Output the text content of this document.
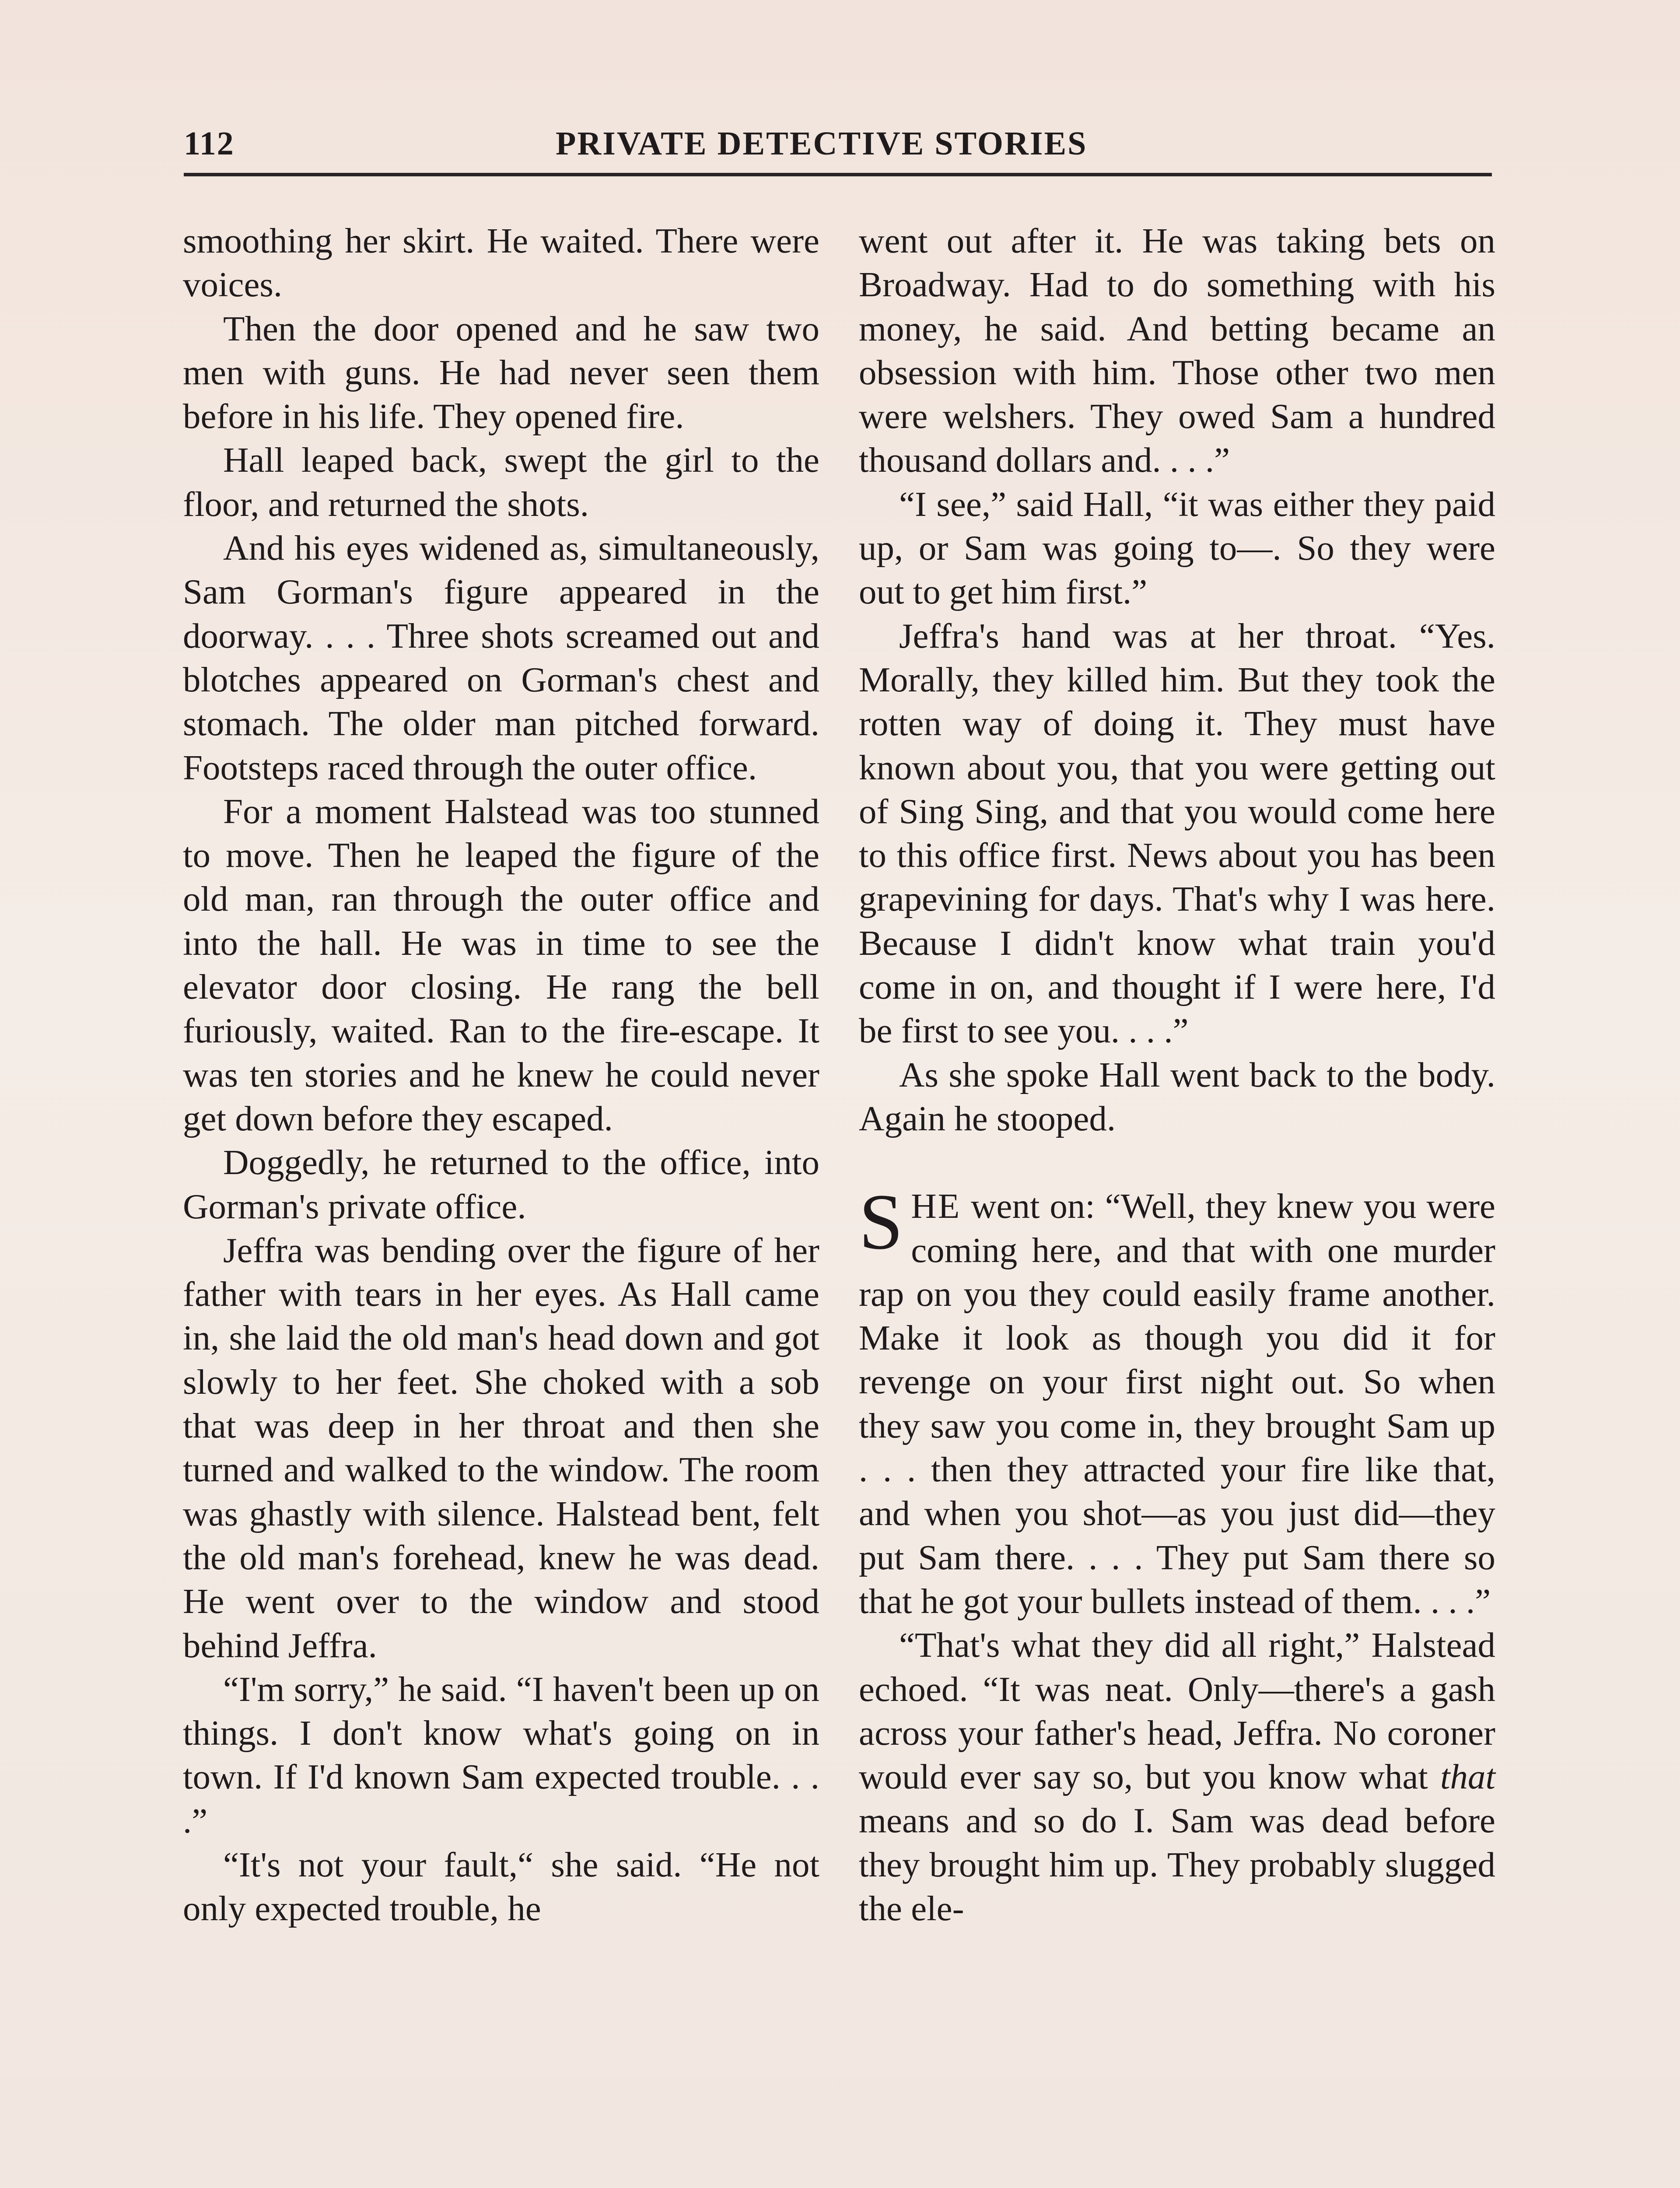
112	PRIVATE DETECTIVE STORIES

smoothing her skirt. He waited. There were voices.

Then the door opened and he saw two men with guns. He had never seen them before in his life. They opened fire.

Hall leaped back, swept the girl to the floor, and returned the shots.

And his eyes widened as, simultaneously, Sam Gorman's figure appeared in the doorway. . . . Three shots screamed out and blotches appeared on Gorman's chest and stomach. The older man pitched forward. Footsteps raced through the outer office.

For a moment Halstead was too stunned to move. Then he leaped the figure of the old man, ran through the outer office and into the hall. He was in time to see the elevator door closing. He rang the bell furiously, waited. Ran to the fire-escape. It was ten stories and he knew he could never get down before they escaped.

Doggedly, he returned to the office, into Gorman's private office.

Jeffra was bending over the figure of her father with tears in her eyes. As Hall came in, she laid the old man's head down and got slowly to her feet. She choked with a sob that was deep in her throat and then she turned and walked to the window. The room was ghastly with silence. Halstead bent, felt the old man's forehead, knew he was dead. He went over to the window and stood behind Jeffra.

“I'm sorry,” he said. “I haven't been up on things. I don't know what's going on in town. If I'd known Sam expected trouble. . . .”

“It's not your fault,“ she said. “He not only expected trouble, he

went out after it. He was taking bets on Broadway. Had to do something with his money, he said. And betting became an obsession with him. Those other two men were welshers. They owed Sam a hundred thousand dollars and. . . .”

“I see,” said Hall, “it was either they paid up, or Sam was going to—. So they were out to get him first.”

Jeffra's hand was at her throat. “Yes. Morally, they killed him. But they took the rotten way of doing it. They must have known about you, that you were getting out of Sing Sing, and that you would come here to this office first. News about you has been grapevining for days. That's why I was here. Because I didn't know what train you'd come in on, and thought if I were here, I'd be first to see you. . . .”

As she spoke Hall went back to the body. Again he stooped.

SHE went on: “Well, they knew you were coming here, and that with one murder rap on you they could easily frame another. Make it look as though you did it for revenge on your first night out. So when they saw you come in, they brought Sam up . . . then they attracted your fire like that, and when you shot—as you just did—they put Sam there. . . . They put Sam there so that he got your bullets instead of them. . . .”

“That's what they did all right,” Halstead echoed. “It was neat. Only—there's a gash across your father's head, Jeffra. No coroner would ever say so, but you know what that means and so do I. Sam was dead before they brought him up. They probably slugged the ele-
